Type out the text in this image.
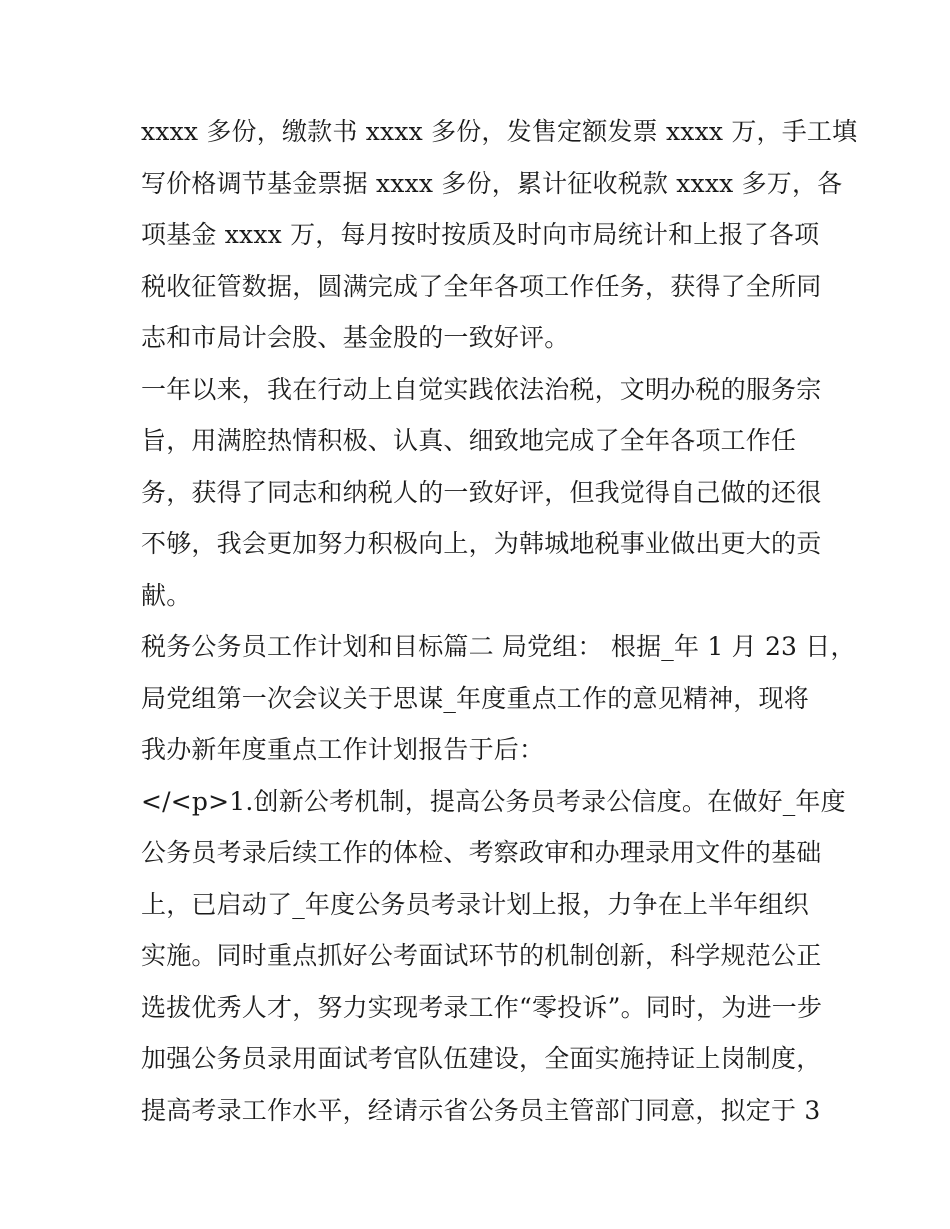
xxxx 多份，缴款书 xxxx 多份，发售定额发票 xxxx 万，手工填
写价格调节基金票据 xxxx 多份，累计征收税款 xxxx 多万，各
项基金 xxxx 万，每月按时按质及时向市局统计和上报了各项
税收征管数据，圆满完成了全年各项工作任务，获得了全所同
志和市局计会股、基金股的一致好评。
一年以来，我在行动上自觉实践依法治税，文明办税的服务宗
旨，用满腔热情积极、认真、细致地完成了全年各项工作任
务，获得了同志和纳税人的一致好评，但我觉得自己做的还很
不够，我会更加努力积极向上，为韩城地税事业做出更大的贡
献。
税务公务员工作计划和目标篇二 局党组： 根据_年 1 月 23 日，
局党组第一次会议关于思谋_年度重点工作的意见精神，现将
我办新年度重点工作计划报告于后：
</<p>1.创新公考机制，提高公务员考录公信度。在做好_年度
公务员考录后续工作的体检、考察政审和办理录用文件的基础
上，已启动了_年度公务员考录计划上报，力争在上半年组织
实施。同时重点抓好公考面试环节的机制创新，科学规范公正
选拔优秀人才，努力实现考录工作“零投诉”。同时，为进一步
加强公务员录用面试考官队伍建设，全面实施持证上岗制度，
提高考录工作水平，经请示省公务员主管部门同意，拟定于 3
